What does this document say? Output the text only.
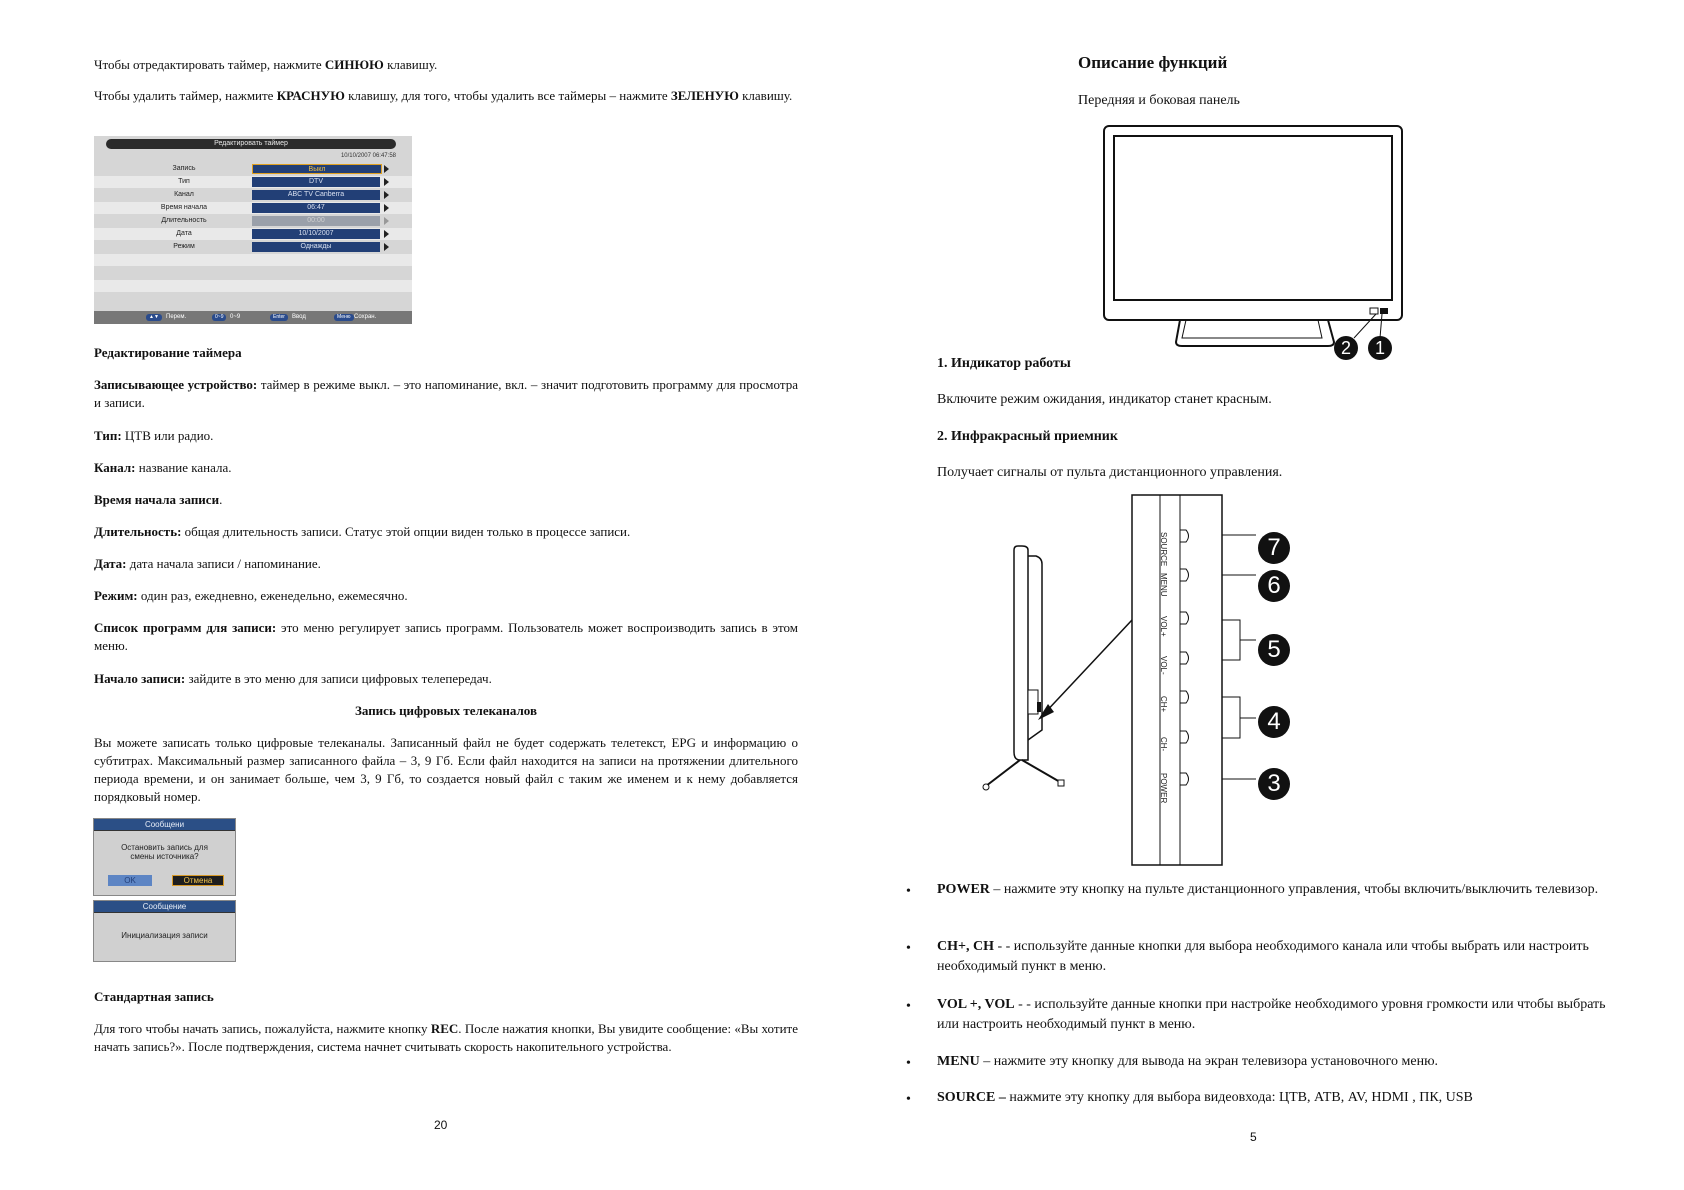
Чтобы отредактировать таймер, нажмите СИНЮЮ клавишу.

Чтобы удалить таймер, нажмите КРАСНУЮ клавишу, для того, чтобы удалить все таймеры – нажмите ЗЕЛЕНУЮ клавишу.

Редактировать таймер
10/10/2007 06:47:58
Запись	Выкл
Тип	DTV
Канал	ABC TV Canberra
Время начала	06:47
Длительность	00:00
Дата	10/10/2007
Режим	Однажды
▲▼	Перем.	0~9	0~9	Enter	Ввод	Меню Сохран.

Редактирование таймера

Записывающее устройство: таймер в режиме выкл. – это напоминание, вкл. – значит подготовить программу для просмотра и записи.

Тип: ЦТВ или радио.

Канал: название канала.

Время начала записи.

Длительность: общая длительность записи. Статус этой опции виден только в процессе записи.

Дата: дата начала записи / напоминание.

Режим: один раз, ежедневно, еженедельно, ежемесячно.

Список программ для записи: это меню регулирует запись программ. Пользователь может воспроизводить запись в этом меню.

Начало записи: зайдите в это меню для записи цифровых телепередач.

Запись цифровых телеканалов

Вы можете записать только цифровые телеканалы. Записанный файл не будет содержать телетекст, EPG и информацию о субтитрах. Максимальный размер записанного файла – 3, 9 Гб. Если файл находится на записи на протяжении длительного периода времени, и он занимает больше, чем 3, 9 Гб, то создается новый файл с таким же именем и к нему добавляется порядковый номер.

Сообщени
Остановить запись для
смены источника?
OK	Отмена
Сообщение
Инициализация записи

Стандартная запись

Для того чтобы начать запись, пожалуйста, нажмите кнопку REC. После нажатия кнопки, Вы увидите сообщение: «Вы хотите начать запись?». После подтверждения, система начнет считывать скорость накопительного устройства.

20
Описание функций
Передняя и боковая панель
2	1
1. Индикатор работы
Включите режим ожидания, индикатор станет красным.
2. Инфракрасный приемник
Получает сигналы от пульта дистанционного управления.
SOURCE
MENU
VOL+
VOL-
CH+
CH-
POWER
7
6
5
4
3
• POWER – нажмите эту кнопку на пульте дистанционного управления, чтобы включить/выключить телевизор.

• CH+, CH - - используйте данные кнопки для выбора необходимого канала или чтобы выбрать или настроить необходимый пункт в меню.

• VOL +, VOL - - используйте данные кнопки при настройке необходимого уровня громкости или чтобы выбрать или настроить необходимый пункт в меню.

• MENU – нажмите эту кнопку для вывода на экран телевизора установочного меню.

• SOURCE – нажмите эту кнопку для выбора видеовхода: ЦТВ, АТВ, AV, HDMI , ПК, USB

5
